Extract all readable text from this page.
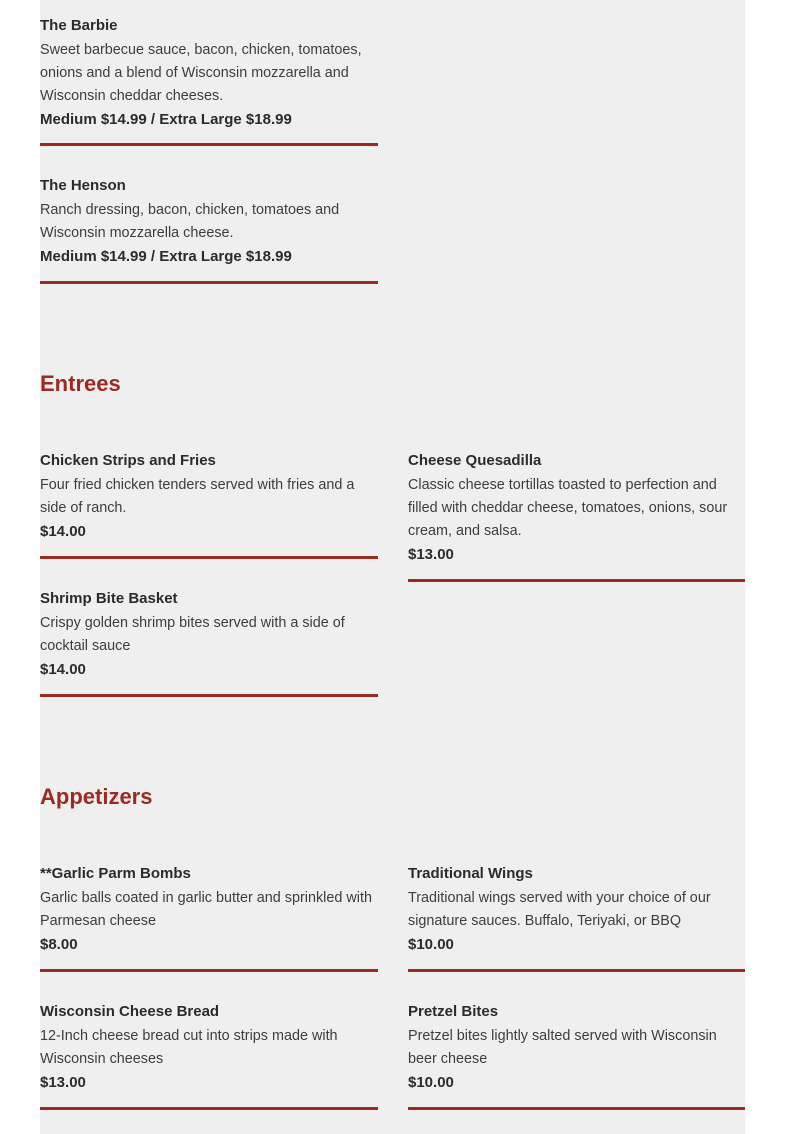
The Barbie

Sweet barbecue sauce, bacon, chicken, tomatoes, onions and a blend of Wisconsin mozzarella and Wisconsin cheddar cheeses.

Medium $14.99 / Extra Large $18.99

The Henson

Ranch dressing, bacon, chicken, tomatoes and Wisconsin mozzarella cheese.

Medium $14.99 / Extra Large $18.99

Entrees

Chicken Strips and Fries

Four fried chicken tenders served with fries and a side of ranch.

$14.00

Cheese Quesadilla

Classic cheese tortillas toasted to perfection and filled with cheddar cheese, tomatoes, onions, sour cream, and salsa.

$13.00

Shrimp Bite Basket

Crispy golden shrimp bites served with a side of cocktail sauce

$14.00

Appetizers

**Garlic Parm Bombs

Garlic balls coated in garlic butter and sprinkled with Parmesan cheese

$8.00

Traditional Wings

Traditional wings served with your choice of our signature sauces. Buffalo, Teriyaki, or BBQ

$10.00

Wisconsin Cheese Bread

12-Inch cheese bread cut into strips made with Wisconsin cheeses

$13.00

Pretzel Bites

Pretzel bites lightly salted served with Wisconsin beer cheese

$10.00
